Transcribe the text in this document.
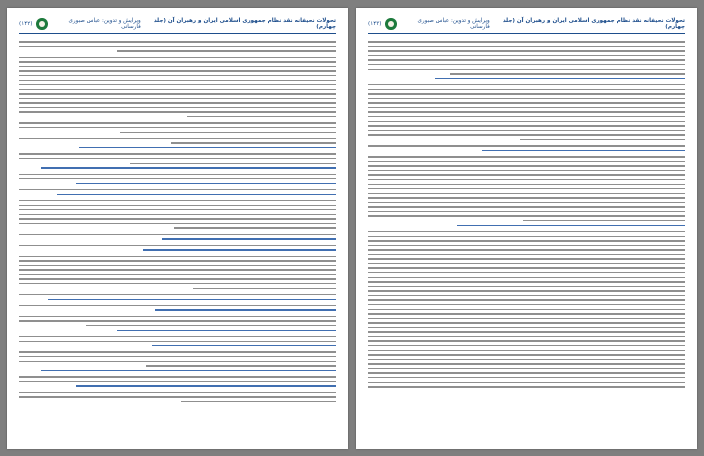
تحولات نحیفانه نقد نظام جمهوری اسلامی ایران و رهبران آن (جلد چهارم)
ویرایش و تدوین: عباس صبوری فارسانی
(۱۴۲)	تحولات نحیفانه نقد نظام جمهوری اسلامی ایران و رهبران آن (جلد چهارم)
ویرایش و تدوین: عباس صبوری فارسانی
(۱۴۳)
